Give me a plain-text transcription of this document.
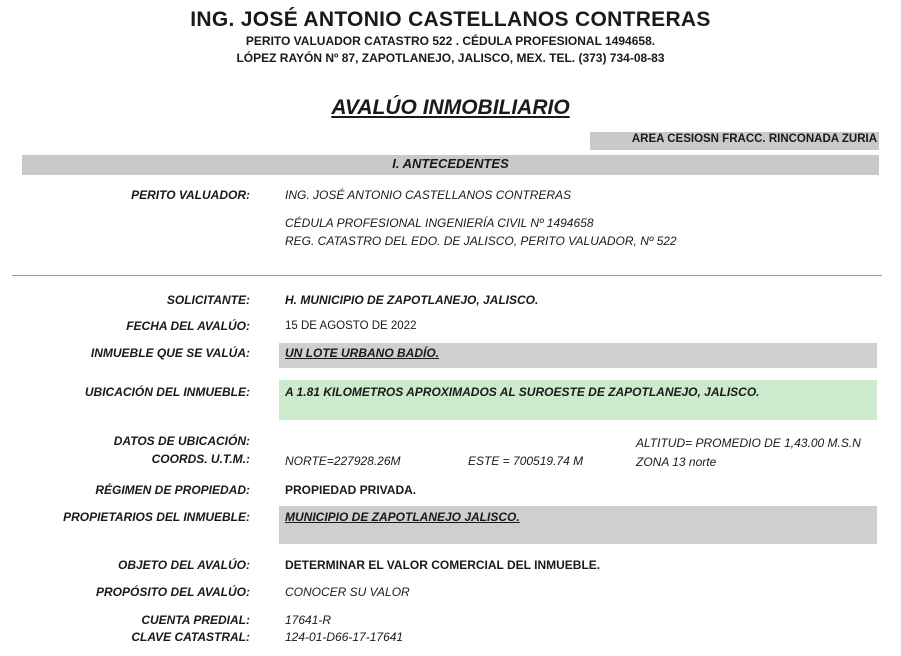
ING. JOSÉ ANTONIO CASTELLANOS CONTRERAS
PERITO VALUADOR CATASTRO 522 . CÉDULA PROFESIONAL 1494658.
LÓPEZ RAYÓN Nº 87, ZAPOTLANEJO, JALISCO, MEX. TEL. (373) 734-08-83
AVALÚO INMOBILIARIO
AREA CESIOSN FRACC. RINCONADA ZURIA
I. ANTECEDENTES
PERITO VALUADOR:	ING. JOSÉ ANTONIO CASTELLANOS CONTRERAS
CÉDULA PROFESIONAL INGENIERÍA CIVIL Nº 1494658
REG. CATASTRO DEL EDO. DE JALISCO, PERITO VALUADOR, Nº 522
SOLICITANTE:	H. MUNICIPIO DE ZAPOTLANEJO, JALISCO.
FECHA DEL AVALÚO:	15 DE AGOSTO DE 2022
INMUEBLE QUE SE VALÚA:	UN LOTE URBANO BADÍO.
UBICACIÓN DEL INMUEBLE:	A 1.81 KILOMETROS APROXIMADOS AL SUROESTE DE ZAPOTLANEJO, JALISCO.
DATOS DE UBICACIÓN:
COORDS. U.T.M.:	NORTE=227928.26M	ESTE = 700519.74 M
ALTITUD= PROMEDIO DE 1,43.00 M.S.N
ZONA 13 norte
RÉGIMEN DE PROPIEDAD:	PROPIEDAD PRIVADA.
PROPIETARIOS DEL INMUEBLE:	MUNICIPIO DE ZAPOTLANEJO JALISCO.
OBJETO DEL AVALÚO:	DETERMINAR EL VALOR COMERCIAL DEL INMUEBLE.
PROPÓSITO DEL AVALÚO:	CONOCER SU VALOR
CUENTA PREDIAL:	17641-R
CLAVE CATASTRAL:	124-01-D66-17-17641
